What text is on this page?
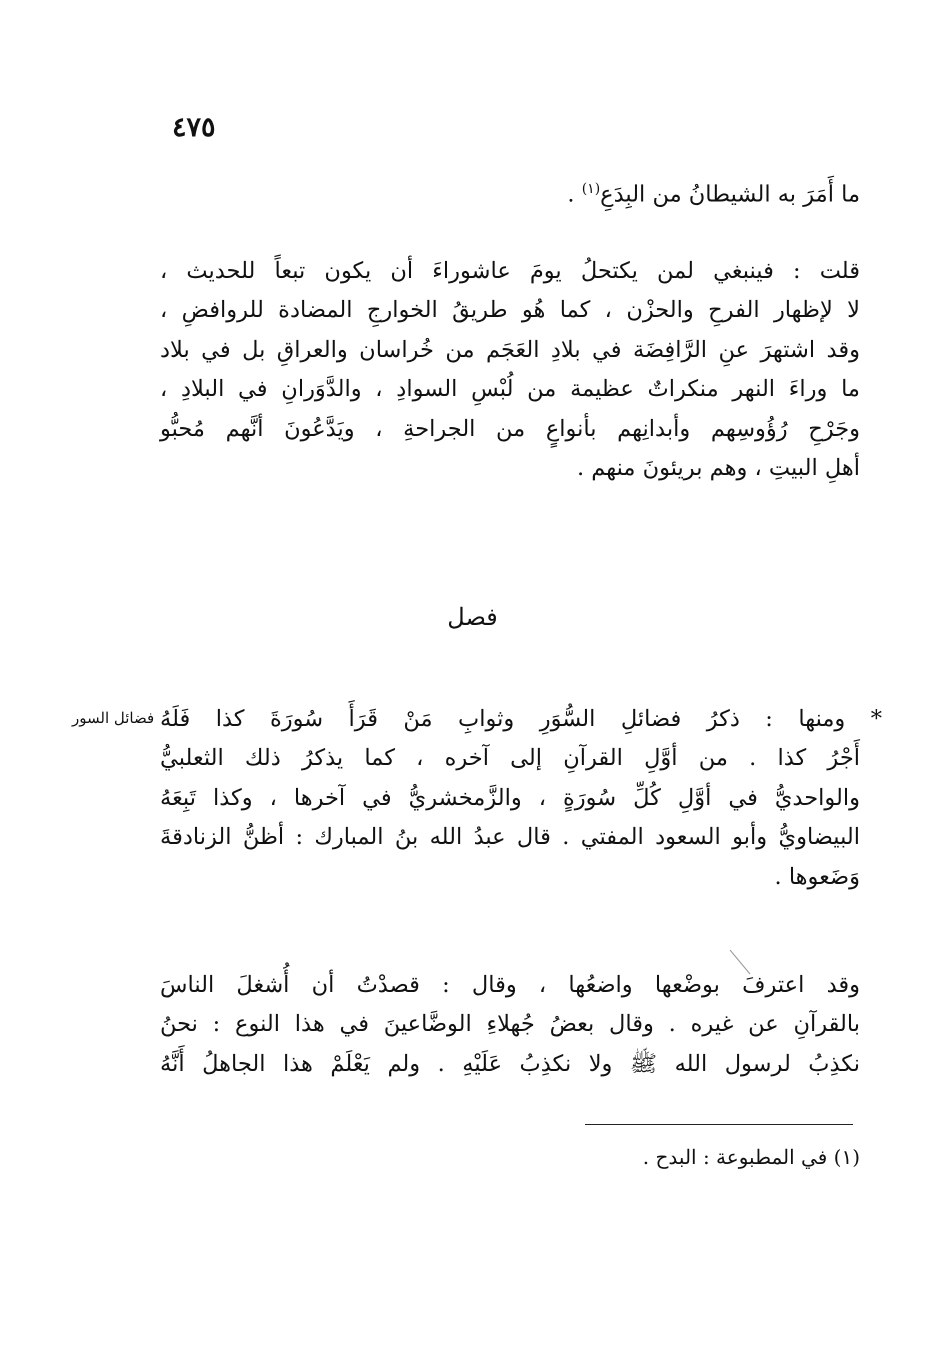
٤٧٥
ما أَمَرَ به الشيطانُ من البِدَعِ$^{(١)}$ .
قلت : فينبغي لمن يكتحلُ يومَ عاشوراءَ أن يكون تبعاً للحديث ،
لا لإظهار الفرحِ والحزْن ، كما هُو طريقُ الخوارجِ المضادة للروافضِ ،
وقد اشتهرَ عنِ الرَّافِضَة في بلادِ العَجَم من خُراسان والعراقِ بل في بلاد
ما وراءَ النهر منكراتٌ عظيمة من لُبْسِ السوادِ ، والدَّوَرانِ في البلادِ ،
وجَرْحِ رُؤُوسِهم وأبدانِهم بأنواعٍ من الجراحةِ ، ويَدَّعُونَ أنَّهم مُحبُّو
أهلِ البيتِ ، وهم بريئونَ منهم .
فصل
فضائل السور	* ومنها : ذكرُ فضائلِ السُّوَرِ وثوابِ مَنْ قَرَأَ سُورَةَ كذا فَلَهُ
أَجْرُ كذا . من أوَّلِ القرآنِ إلى آخره ، كما يذكرُ ذلك الثعلبيُّ
والواحديُّ في أوَّلِ كُلِّ سُورَةٍ ، والزَّمخشريُّ في آخرها ، وكذا تَبِعَهُ
البيضاويُّ وأبو السعود المفتي . قال عبدُ الله بنُ المبارك : أظنُّ الزنادقةَ
وَضَعوها .
وقد اعترفَ بوضْعها واضعُها ، وقال : قصدْتُ أن أُشغلَ الناسَ
بالقرآنِ عن غيره . وقال بعضُ جُهلاءِ الوضَّاعينَ في هذا النوع : نحنُ
نكذِبُ لرسول الله ﷺ ولا نكذِبُ عَلَيْهِ . ولم يَعْلَمْ هذا الجاهلُ أَنَّهُ
(١) في المطبوعة : البدح .
